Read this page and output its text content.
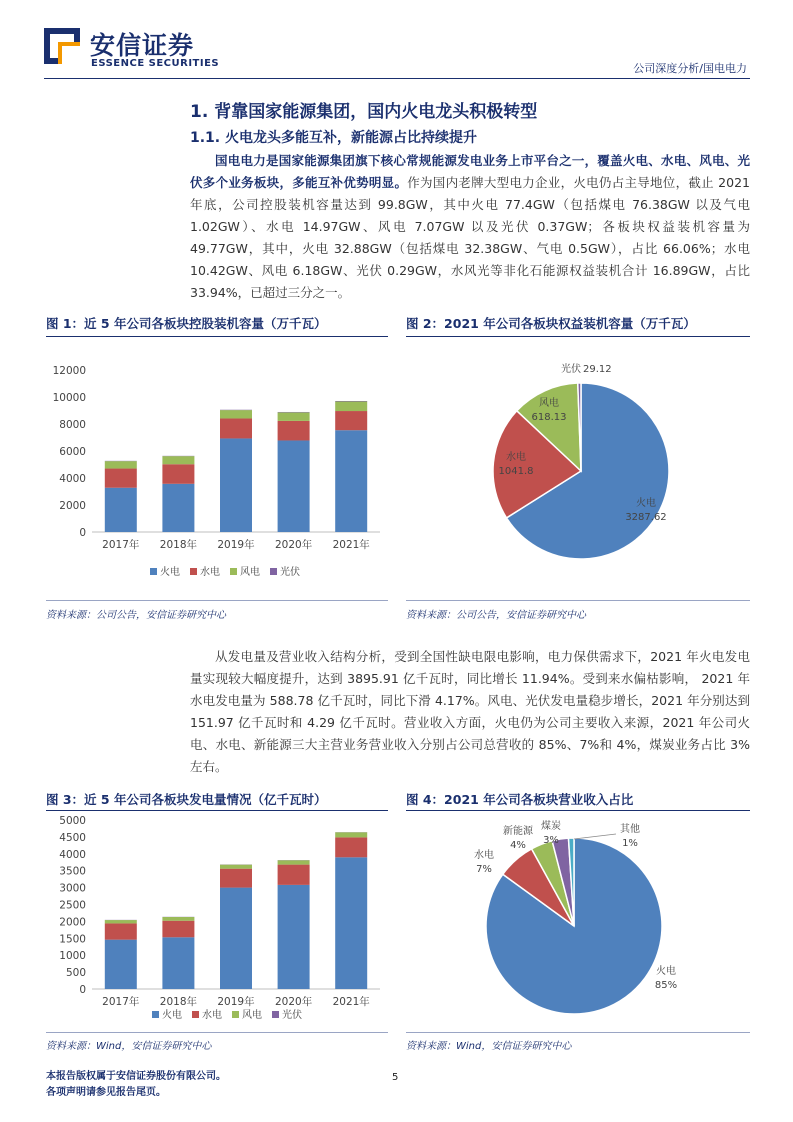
安信证券
ESSENCE SECURITIES	公司深度分析/国电电力
1. 背靠国家能源集团，国内火电龙头积极转型
1.1. 火电龙头多能互补，新能源占比持续提升

国电电力是国家能源集团旗下核心常规能源发电业务上市平台之一，覆盖火电、水电、风电、光伏多个业务板块，多能互补优势明显。作为国内老牌大型电力企业，火电仍占主导地位，截止 2021 年底，公司控股装机容量达到 99.8GW，其中火电 77.4GW（包括煤电 76.38GW 以及气电 1.02GW）、水电 14.97GW、风电 7.07GW 以及光伏 0.37GW；各板块权益装机容量为 49.77GW，其中，火电 32.88GW（包括煤电 32.38GW、气电 0.5GW），占比 66.06%；水电 10.42GW、风电 6.18GW、光伏 0.29GW，水风光等非化石能源权益装机合计 16.89GW，占比 33.94%，已超过三分之一。

图 1：近 5 年公司各板块控股装机容量（万千瓦）
0
2000
4000
6000
8000
10000
12000
2017年 2018年 2019年 2020年 2021年
火电 水电 风电 光伏
资料来源：公司公告，安信证券研究中心
图 2：2021 年公司各板块权益装机容量（万千瓦）
火电
3287.62
水电
1041.8
风电
618.13
光伏 29.12
资料来源：公司公告，安信证券研究中心

从发电量及营业收入结构分析，受到全国性缺电限电影响，电力保供需求下，2021 年火电发电量实现较大幅度提升，达到 3895.91 亿千瓦时，同比增长 11.94%。受到来水偏枯影响， 2021 年水电发电量为 588.78 亿千瓦时，同比下滑 4.17%。风电、光伏发电量稳步增长，2021 年分别达到 151.97 亿千瓦时和 4.29 亿千瓦时。营业收入方面，火电仍为公司主要收入来源，2021 年公司火电、水电、新能源三大主营业务营业收入分别占公司总营收的 85%、7%和 4%，煤炭业务占比 3%左右。

图 3：近 5 年公司各板块发电量情况（亿千瓦时）
0
500
1000
1500
2000
2500
3000
3500
4000
4500
5000
2017年 2018年 2019年 2020年 2021年
火电 水电 风电 光伏
资料来源：Wind，安信证券研究中心
图 4：2021 年公司各板块营业收入占比
火电
85%
水电
7%
新能源
4%
煤炭
3%
其他
1%
资料来源：Wind，安信证券研究中心
本报告版权属于安信证券股份有限公司。
各项声明请参见报告尾页。
5
